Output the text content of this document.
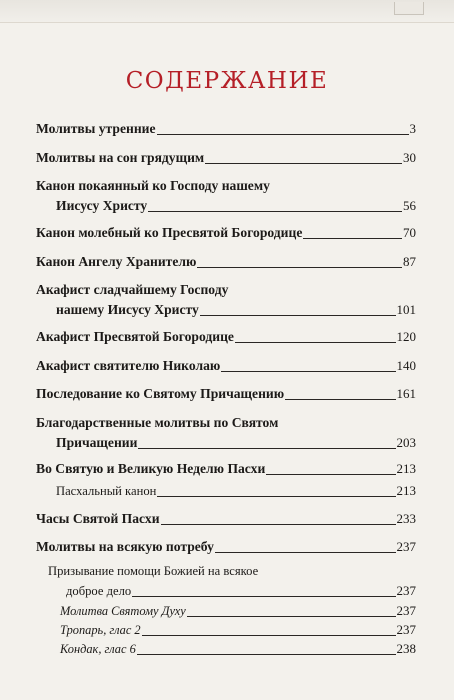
СОДЕРЖАНИЕ
Молитвы утренние	3
Молитвы на сон грядущим	30
Канон покаянный ко Господу нашему
Иисусу Христу	56
Канон молебный ко Пресвятой Богородице	70
Канон Ангелу Хранителю	87
Акафист сладчайшему Господу
нашему Иисусу Христу	101
Акафист Пресвятой Богородице	120
Акафист святителю Николаю	140
Последование ко Святому Причащению	161
Благодарственные молитвы по Святом
Причащении	203
Во Святую и Великую Неделю Пасхи	213
Пасхальный канон	213
Часы Святой Пасхи	233
Молитвы на всякую потребу	237
Призывание помощи Божией на всякое
доброе дело	237
Молитва Святому Духу	237
Тропарь, глас 2	237
Кондак, глас 6	238
